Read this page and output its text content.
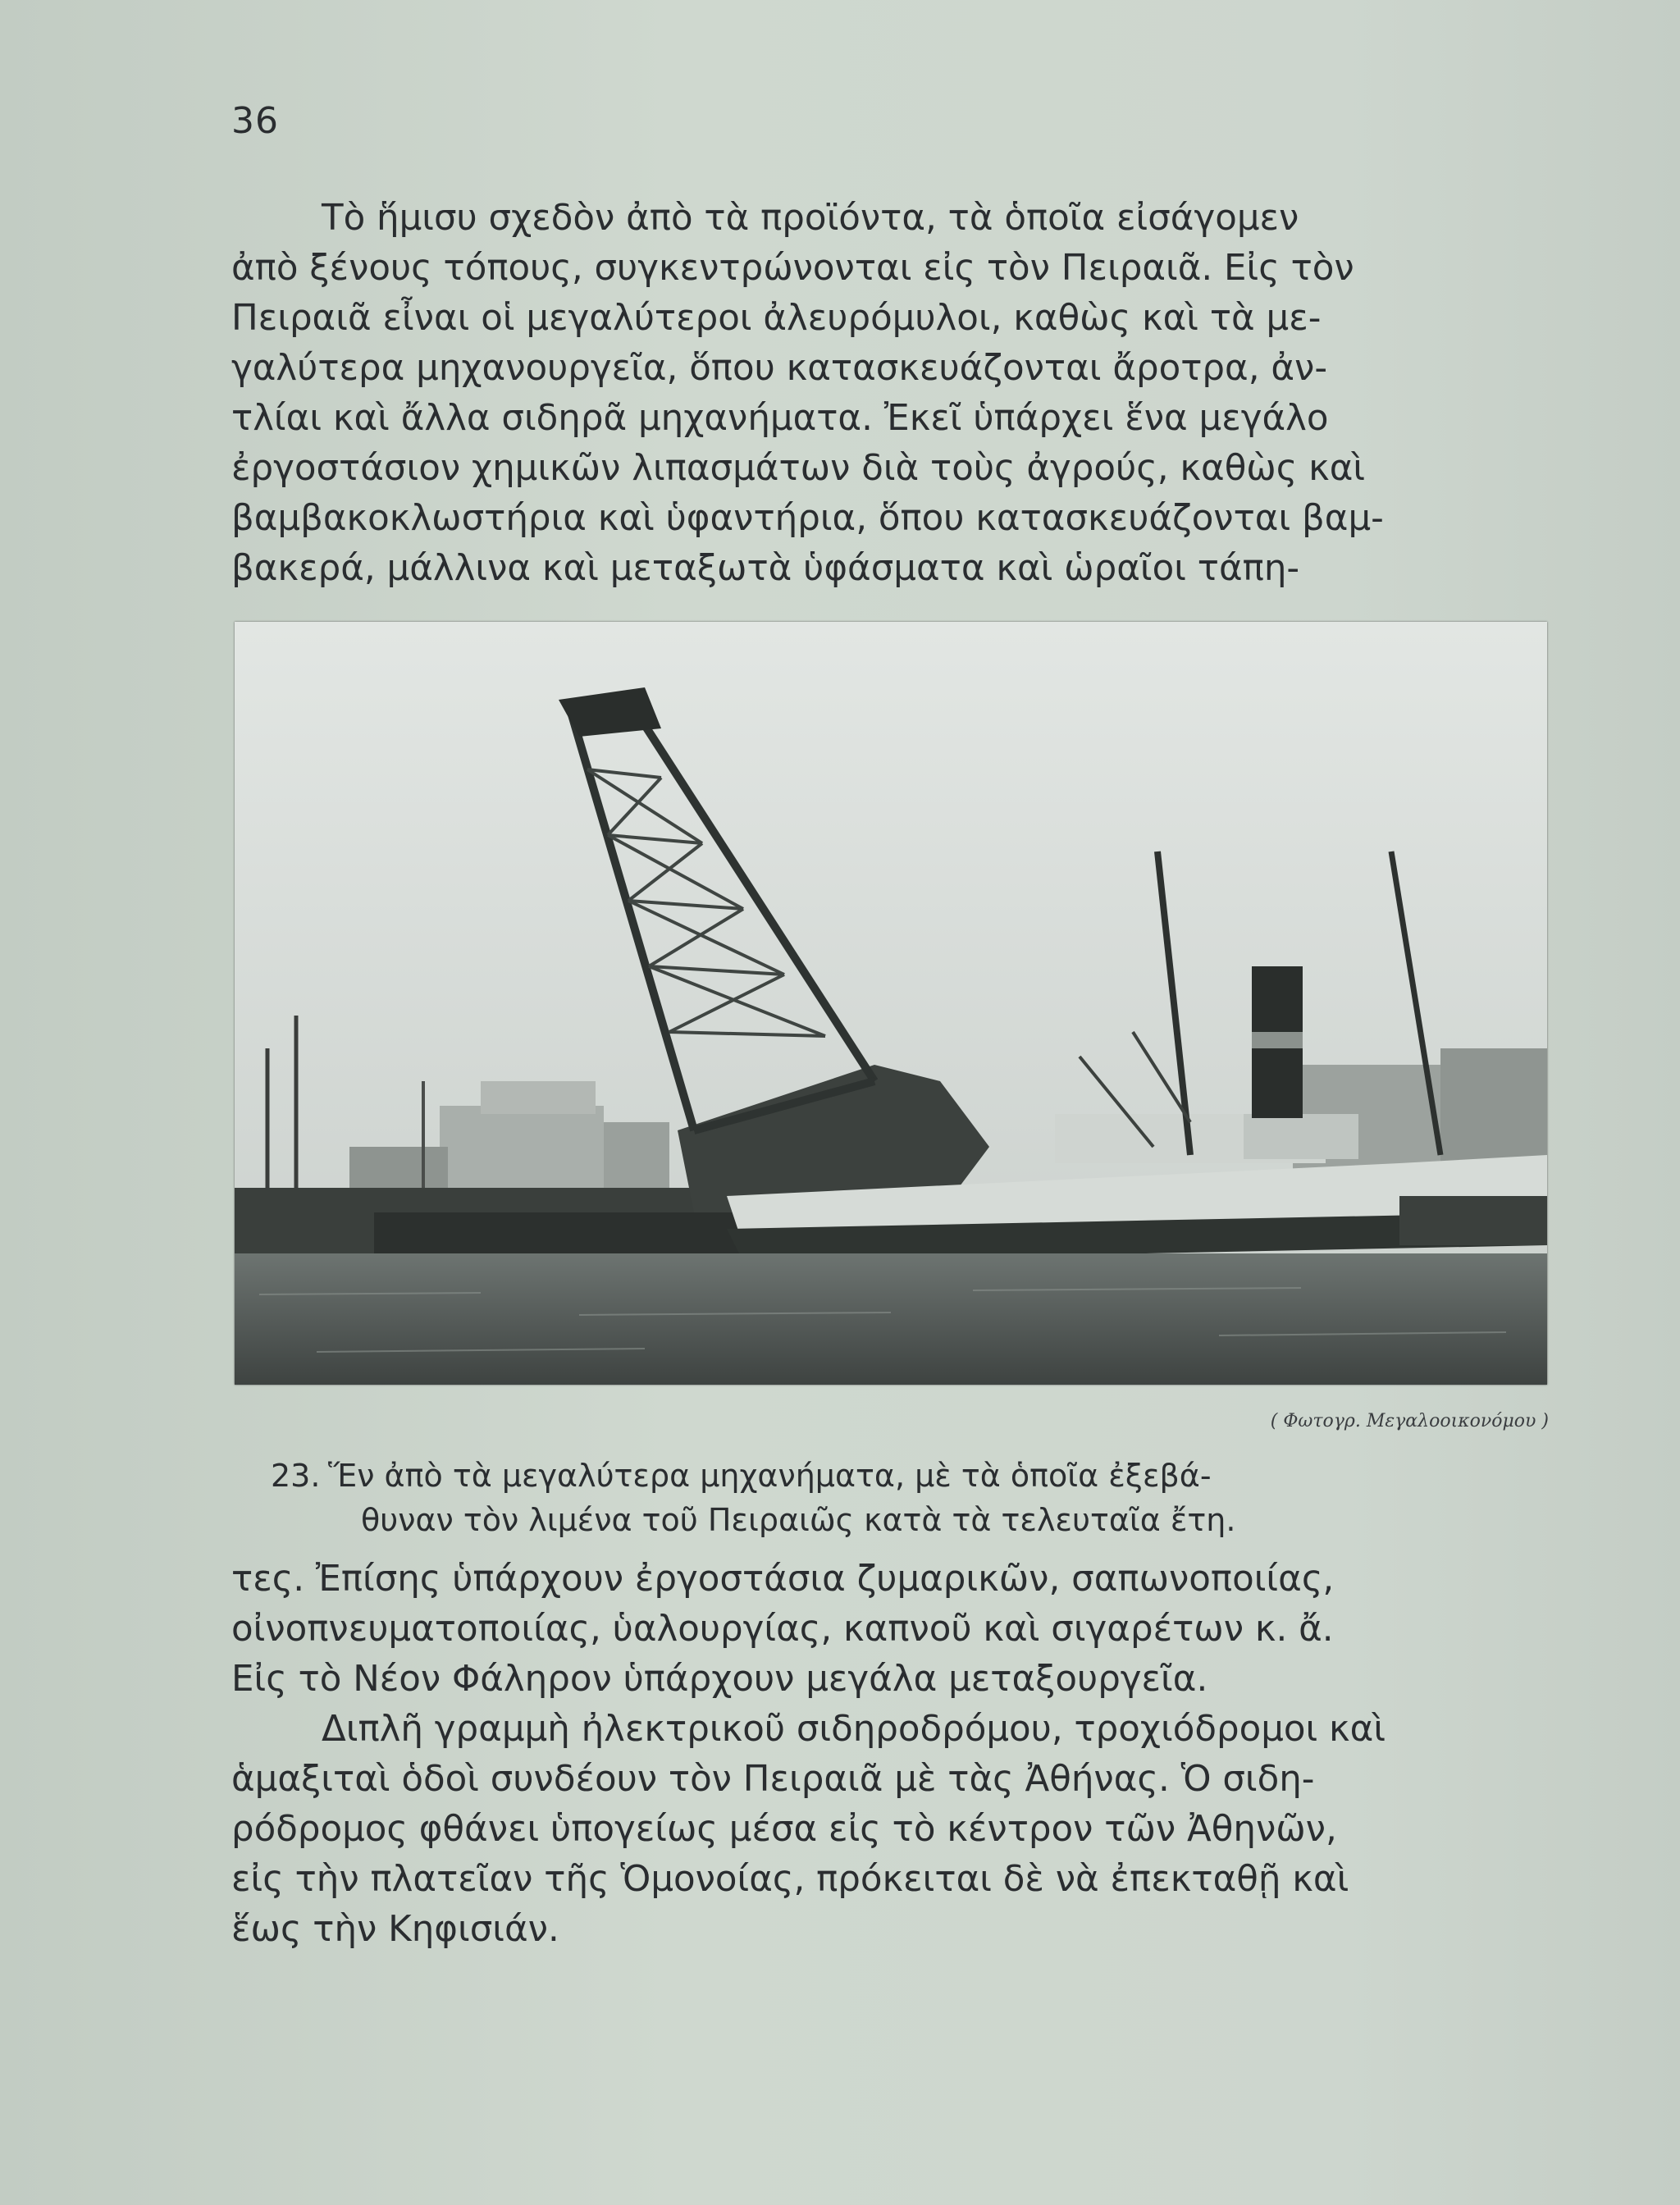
36

Τὸ ἥμισυ σχεδὸν ἀπὸ τὰ προϊόντα, τὰ ὁποῖα εἰσάγομεν

ἀπὸ ξένους τόπους, συγκεντρώνονται εἰς τὸν Πειραιᾶ. Εἰς τὸν

Πειραιᾶ εἶναι οἱ μεγαλύτεροι ἀλευρόμυλοι, καθὼς καὶ τὰ με-

γαλύτερα μηχανουργεῖα, ὅπου κατασκευάζονται ἄροτρα, ἀν-

τλίαι καὶ ἄλλα σιδηρᾶ μηχανήματα. Ἐκεῖ ὑπάρχει ἕνα μεγάλο

ἐργοστάσιον χημικῶν λιπασμάτων διὰ τοὺς ἀγρούς, καθὼς καὶ

βαμβακοκλωστήρια καὶ ὑφαντήρια, ὅπου κατασκευάζονται βαμ-

βακερά, μάλλινα καὶ μεταξωτὰ ὑφάσματα καὶ ὡραῖοι τάπη-

( Φωτογρ. Μεγαλοοικονόμου )
23. Ἕν ἀπὸ τὰ μεγαλύτερα μηχανήματα, μὲ τὰ ὁποῖα ἐξεβά-
θυναν τὸν λιμένα τοῦ Πειραιῶς κατὰ τὰ τελευταῖα ἔτη.

τες. Ἐπίσης ὑπάρχουν ἐργοστάσια ζυμαρικῶν, σαπωνοποιίας,

οἰνοπνευματοποιίας, ὑαλουργίας, καπνοῦ καὶ σιγαρέτων κ. ἄ.

Εἰς τὸ Νέον Φάληρον ὑπάρχουν μεγάλα μεταξουργεῖα.

Διπλῆ γραμμὴ ἠλεκτρικοῦ σιδηροδρόμου, τροχιόδρομοι καὶ

ἁμαξιταὶ ὁδοὶ συνδέουν τὸν Πειραιᾶ μὲ τὰς Ἀθήνας. Ὁ σιδη-

ρόδρομος φθάνει ὑπογείως μέσα εἰς τὸ κέντρον τῶν Ἀθηνῶν,

εἰς τὴν πλατεῖαν τῆς Ὁμονοίας, πρόκειται δὲ νὰ ἐπεκταθῇ καὶ

ἕως τὴν Κηφισιάν.
